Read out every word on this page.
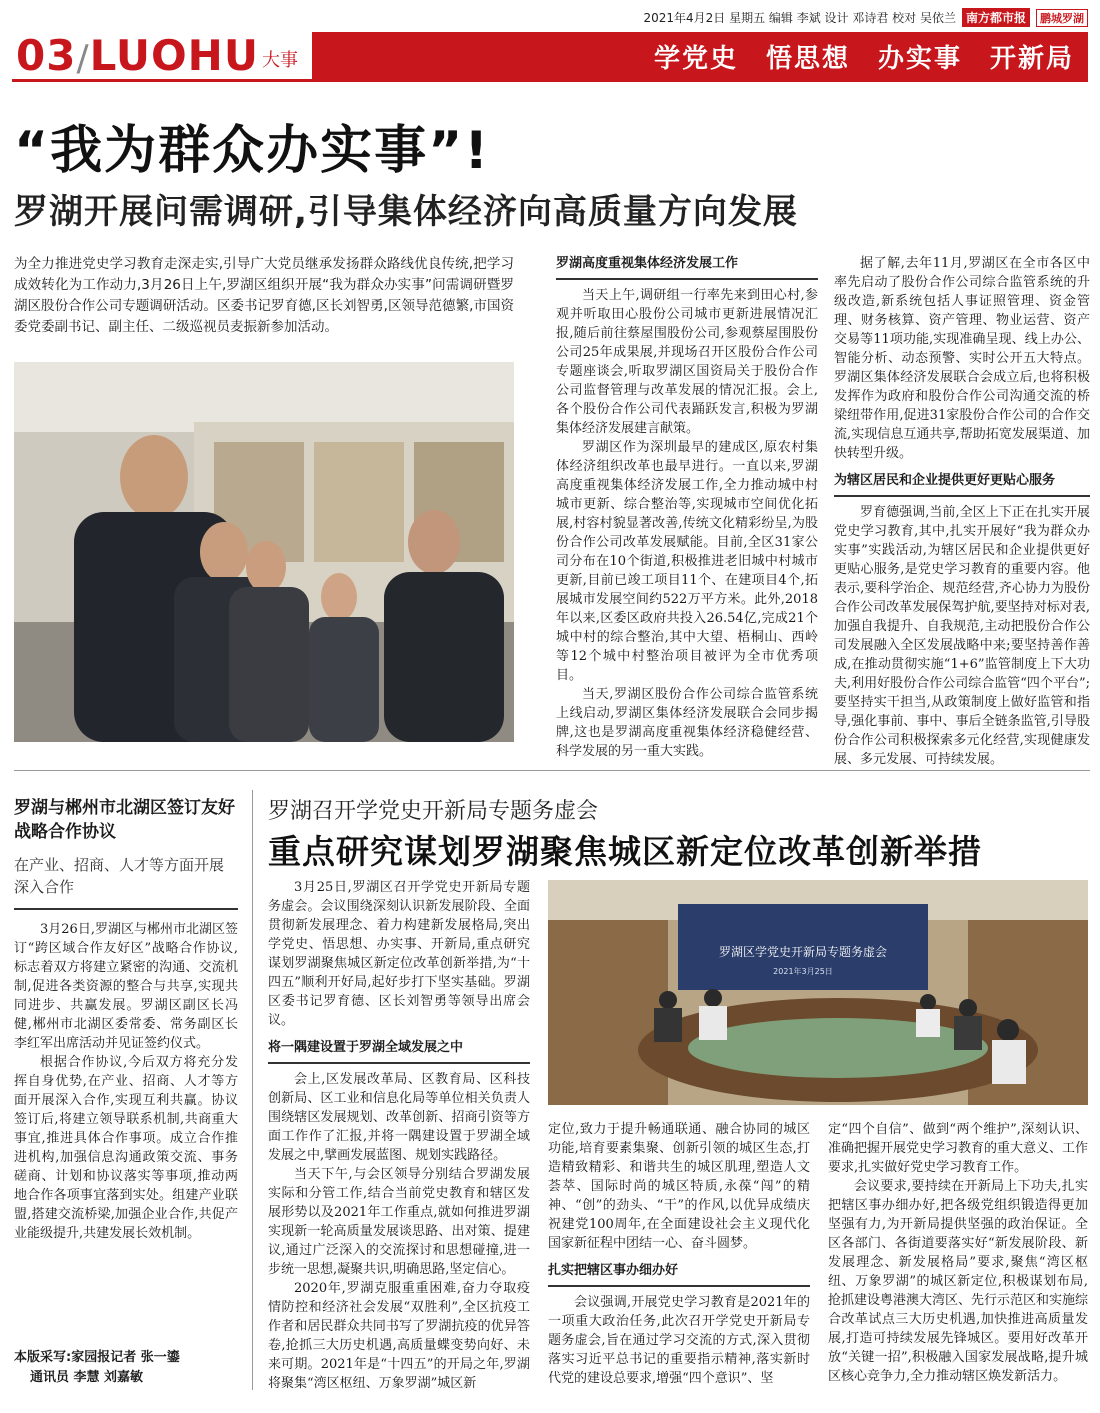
2021年4月2日 星期五 编辑 李斌 设计 邓诗君 校对 吴依兰 南方都市报	鹏城罗湖
03/LUOHU 大事	学党史 悟思想 办实事 开新局
“我为群众办实事”!
罗湖开展问需调研,引导集体经济向高质量方向发展
为全力推进党史学习教育走深走实,引导广大党员继承发扬群众路线优良传统,把学习成效转化为工作动力,3月26日上午,罗湖区组织开展“我为群众办实事”问需调研暨罗湖区股份合作公司专题调研活动。区委书记罗育德,区长刘智勇,区领导范德繁,市国资委党委副书记、副主任、二级巡视员麦振新参加活动。
罗湖高度重视集体经济发展工作

当天上午,调研组一行率先来到田心村,参观并听取田心股份公司城市更新进展情况汇报,随后前往蔡屋围股份公司,参观蔡屋围股份公司25年成果展,并现场召开区股份合作公司专题座谈会,听取罗湖区国资局关于股份合作公司监督管理与改革发展的情况汇报。会上,各个股份合作公司代表踊跃发言,积极为罗湖集体经济发展建言献策。

罗湖区作为深圳最早的建成区,原农村集体经济组织改革也最早进行。一直以来,罗湖高度重视集体经济发展工作,全力推动城中村城市更新、综合整治等,实现城市空间优化拓展,村容村貌显著改善,传统文化精彩纷呈,为股份合作公司改革发展赋能。目前,全区31家公司分布在10个街道,积极推进老旧城中村城市更新,目前已竣工项目11个、在建项目4个,拓展城市发展空间约522万平方米。此外,2018年以来,区委区政府共投入26.54亿,完成21个城中村的综合整治,其中大望、梧桐山、西岭等12个城中村整治项目被评为全市优秀项目。

当天,罗湖区股份合作公司综合监管系统上线启动,罗湖区集体经济发展联合会同步揭牌,这也是罗湖高度重视集体经济稳健经营、科学发展的另一重大实践。

据了解,去年11月,罗湖区在全市各区中率先启动了股份合作公司综合监管系统的升级改造,新系统包括人事证照管理、资金管理、财务核算、资产管理、物业运营、资产交易等11项功能,实现准确呈现、线上办公、智能分析、动态预警、实时公开五大特点。罗湖区集体经济发展联合会成立后,也将积极发挥作为政府和股份合作公司沟通交流的桥梁纽带作用,促进31家股份合作公司的合作交流,实现信息互通共享,帮助拓宽发展渠道、加快转型升级。

为辖区居民和企业提供更好更贴心服务

罗育德强调,当前,全区上下正在扎实开展党史学习教育,其中,扎实开展好“我为群众办实事”实践活动,为辖区居民和企业提供更好更贴心服务,是党史学习教育的重要内容。他表示,要科学治企、规范经营,齐心协力为股份合作公司改革发展保驾护航,要坚持对标对表,加强自我提升、自我规范,主动把股份合作公司发展融入全区发展战略中来;要坚持善作善成,在推动贯彻实施“1+6”监管制度上下大功夫,利用好股份合作公司综合监管“四个平台”;要坚持实干担当,从政策制度上做好监管和指导,强化事前、事中、事后全链条监管,引导股份合作公司积极探索多元化经营,实现健康发展、多元发展、可持续发展。

罗湖与郴州市北湖区签订友好战略合作协议
在产业、招商、人才等方面开展深入合作

3月26日,罗湖区与郴州市北湖区签订“跨区域合作友好区”战略合作协议,标志着双方将建立紧密的沟通、交流机制,促进各类资源的整合与共享,实现共同进步、共赢发展。罗湖区副区长冯健,郴州市北湖区委常委、常务副区长李红军出席活动并见证签约仪式。

根据合作协议,今后双方将充分发挥自身优势,在产业、招商、人才等方面开展深入合作,实现互利共赢。协议签订后,将建立领导联系机制,共商重大事宜,推进具体合作事项。成立合作推进机构,加强信息沟通政策交流、事务磋商、计划和协议落实等事项,推动两地合作各项事宜落到实处。组建产业联盟,搭建交流桥梁,加强企业合作,共促产业能级提升,共建发展长效机制。

本版采写:家园报记者 张一鎏
通讯员 李慧 刘嘉敏
罗湖召开学党史开新局专题务虚会
重点研究谋划罗湖聚焦城区新定位改革创新举措

3月25日,罗湖区召开学党史开新局专题务虚会。会议围绕深刻认识新发展阶段、全面贯彻新发展理念、着力构建新发展格局,突出学党史、悟思想、办实事、开新局,重点研究谋划罗湖聚焦城区新定位改革创新举措,为“十四五”顺利开好局,起好步打下坚实基础。罗湖区委书记罗育德、区长刘智勇等领导出席会议。

将一隅建设置于罗湖全域发展之中

会上,区发展改革局、区教育局、区科技创新局、区工业和信息化局等单位相关负责人围绕辖区发展规划、改革创新、招商引资等方面工作作了汇报,并将一隅建设置于罗湖全域发展之中,擘画发展蓝图、规划实践路径。

当天下午,与会区领导分别结合罗湖发展实际和分管工作,结合当前党史教育和辖区发展形势以及2021年工作重点,就如何推进罗湖实现新一轮高质量发展谈思路、出对策、提建议,通过广泛深入的交流探讨和思想碰撞,进一步统一思想,凝聚共识,明确思路,坚定信心。

2020年,罗湖克服重重困难,奋力夺取疫情防控和经济社会发展“双胜利”,全区抗疫工作者和居民群众共同书写了罗湖抗疫的优异答卷,抢抓三大历史机遇,高质量蝶变势向好、未来可期。2021年是“十四五”的开局之年,罗湖将聚集“湾区枢纽、万象罗湖”城区新

罗湖区学党史开新局专题务虚会
2021年3月25日

定位,致力于提升畅通联通、融合协同的城区功能,培育要素集聚、创新引领的城区生态,打造精致精彩、和谐共生的城区肌理,塑造人文荟萃、国际时尚的城区特质,永葆“闯”的精神、“创”的劲头、“干”的作风,以优异成绩庆祝建党100周年,在全面建设社会主义现代化国家新征程中团结一心、奋斗圆梦。

扎实把辖区事办细办好

会议强调,开展党史学习教育是2021年的一项重大政治任务,此次召开学党史开新局专题务虚会,旨在通过学习交流的方式,深入贯彻落实习近平总书记的重要指示精神,落实新时代党的建设总要求,增强“四个意识”、坚

定“四个自信”、做到“两个维护”,深刻认识、准确把握开展党史学习教育的重大意义、工作要求,扎实做好党史学习教育工作。

会议要求,要持续在开新局上下功夫,扎实把辖区事办细办好,把各级党组织锻造得更加坚强有力,为开新局提供坚强的政治保证。全区各部门、各街道要落实好“新发展阶段、新发展理念、新发展格局”要求,聚焦“湾区枢纽、万象罗湖”的城区新定位,积极谋划布局,抢抓建设粤港澳大湾区、先行示范区和实施综合改革试点三大历史机遇,加快推进高质量发展,打造可持续发展先锋城区。要用好改革开放“关键一招”,积极融入国家发展战略,提升城区核心竞争力,全力推动辖区焕发新活力。
